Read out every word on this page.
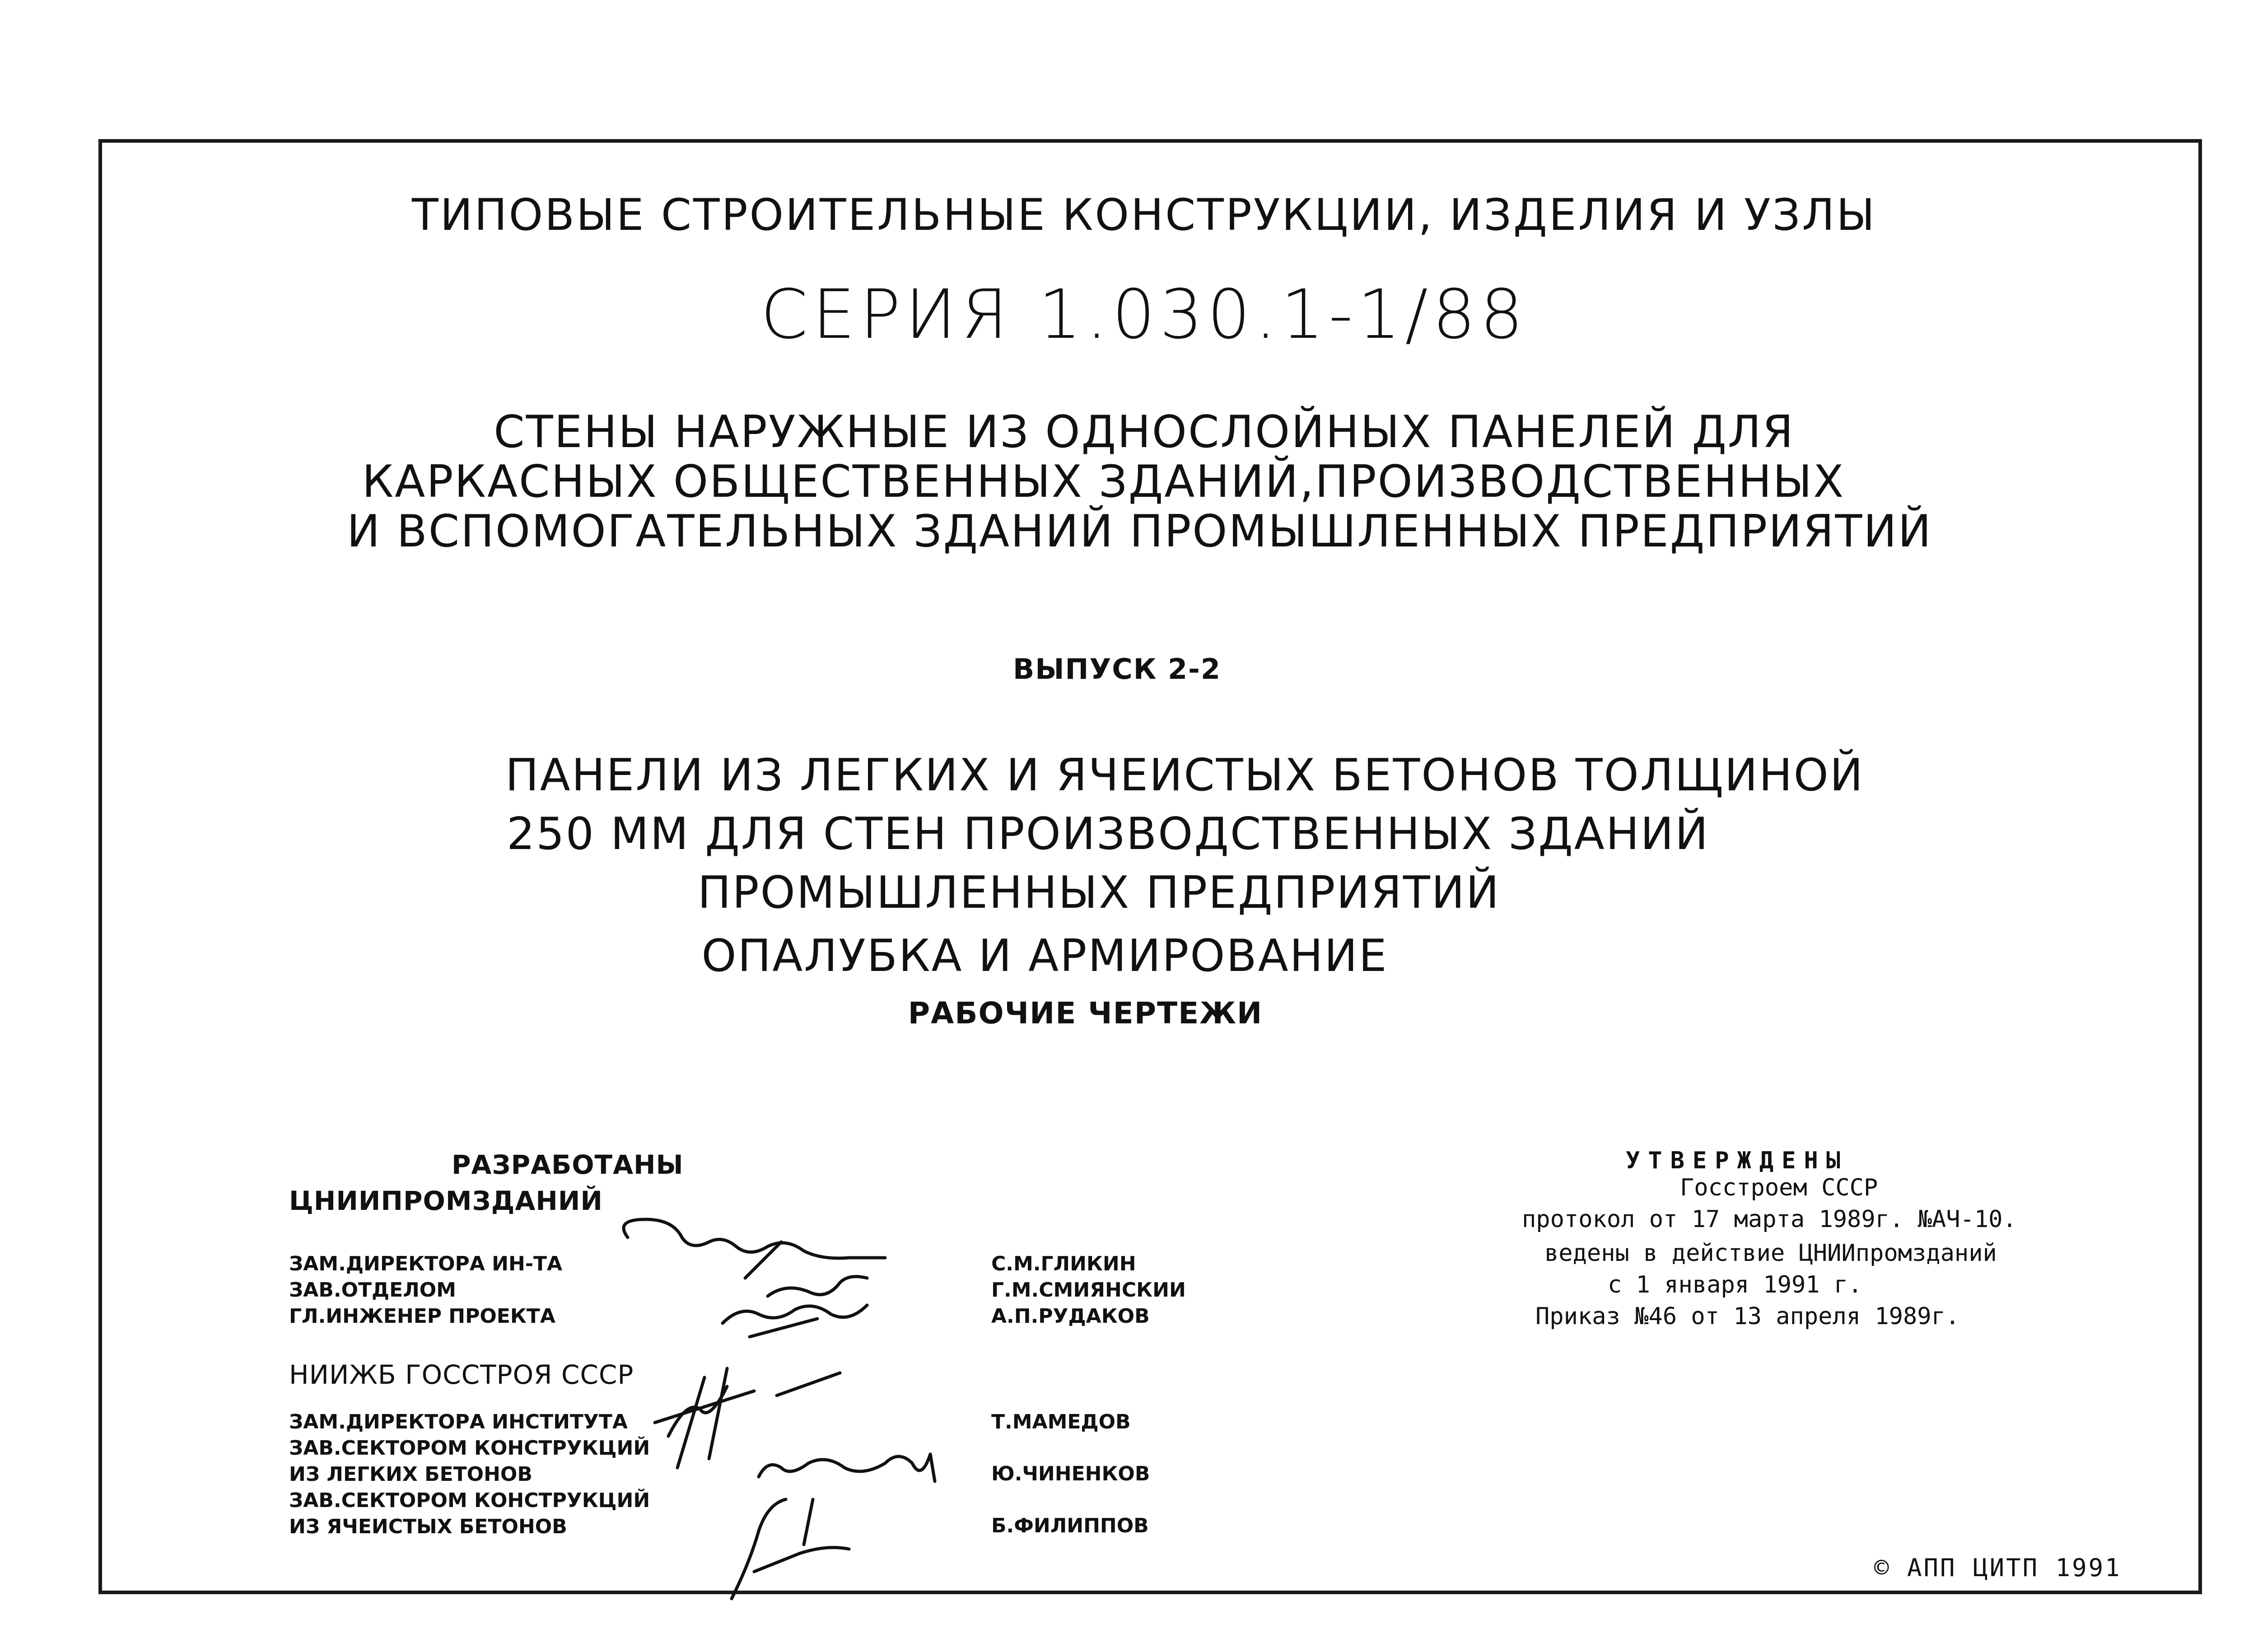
ТИПОВЫЕ СТРОИТЕЛЬНЫЕ КОНСТРУКЦИИ, ИЗДЕЛИЯ И УЗЛЫ
СЕРИЯ 1.030.1-1/88
СТЕНЫ НАРУЖНЫЕ ИЗ ОДНОСЛОЙНЫХ ПАНЕЛЕЙ ДЛЯ
КАРКАСНЫХ ОБЩЕСТВЕННЫХ ЗДАНИЙ,ПРОИЗВОДСТВЕННЫХ
И ВСПОМОГАТЕЛЬНЫХ ЗДАНИЙ ПРОМЫШЛЕННЫХ ПРЕДПРИЯТИЙ
ВЫПУСК 2-2
ПАНЕЛИ ИЗ ЛЕГКИХ И ЯЧЕИСТЫХ БЕТОНОВ ТОЛЩИНОЙ
250 ММ ДЛЯ СТЕН ПРОИЗВОДСТВЕННЫХ ЗДАНИЙ
ПРОМЫШЛЕННЫХ ПРЕДПРИЯТИЙ
ОПАЛУБКА И АРМИРОВАНИЕ
РАБОЧИЕ ЧЕРТЕЖИ
РАЗРАБОТАНЫ
ЦНИИПРОМЗДАНИЙ
ЗАМ.ДИРЕКТОРА ИН-ТА
ЗАВ.ОТДЕЛОМ
ГЛ.ИНЖЕНЕР ПРОЕКТА
С.М.ГЛИКИН
Г.М.СМИЯНСКИИ
А.П.РУДАКОВ
НИИЖБ ГОССТРОЯ СССР
ЗАМ.ДИРЕКТОРА ИНСТИТУТА
ЗАВ.СЕКТОРОМ КОНСТРУКЦИЙ
ИЗ ЛЕГКИХ БЕТОНОВ
ЗАВ.СЕКТОРОМ КОНСТРУКЦИЙ
ИЗ ЯЧЕИСТЫХ БЕТОНОВ
Т.МАМЕДОВ
Ю.ЧИНЕНКОВ
Б.ФИЛИППОВ
УТВЕРЖДЕНЫ
Госстроем СССР
протокол от 17 марта 1989г. №АЧ-10.
ведены в действие ЦНИИпромзданий
с 1 января 1991 г.
Приказ №46 от 13 апреля 1989г.
© АПП ЦИТП 1991
